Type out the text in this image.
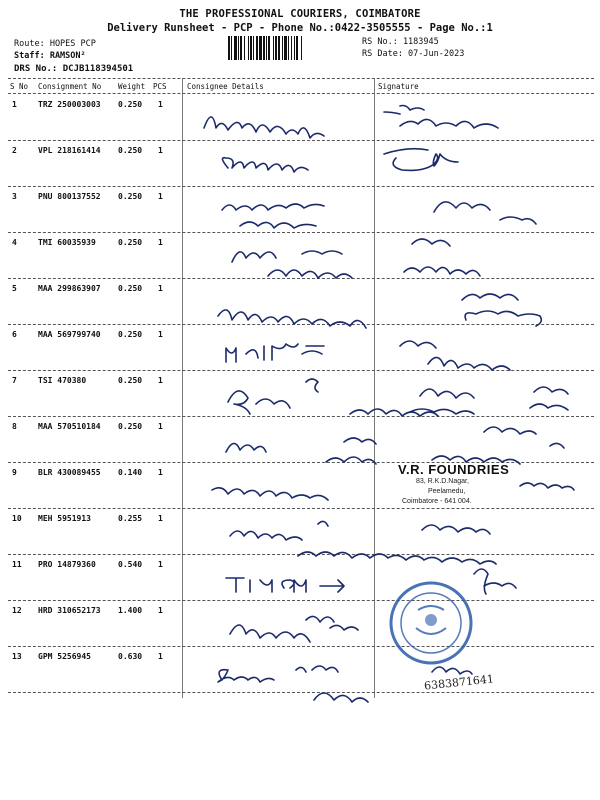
THE PROFESSIONAL COURIERS, COIMBATORE
Delivery Runsheet - PCP - Phone No.:0422-3505555 - Page No.:1
Route: HOPES PCP
Staff: RAMSON²
DRS No.: DCJB118394501
RS No.: 1183945
RS Date: 07-Jun-2023
S No Consignment No Weight PCS	Consignee Details	Signature
1	TRZ 250003003 0.250 1
2	VPL 218161414 0.250 1
3	PNU 800137552 0.250 1
4	TMI 60035939	0.250 1
5	MAA 299863907 0.250 1
6	MAA 569799740 0.250 1
7	TSI 470380	0.250 1
8	MAA 570510184 0.250 1
9	BLR 430089455 0.140 1
10 MEH 5951913	0.255 1
11 PRO 14879360	0.540 1
12 HRD 310652173 1.400 1
13 GPM 5256945	0.630 1
V.R. FOUNDRIES
83, R.K.D.Nagar,
Peelamedu,
Coimbatore - 641 004.
6383871641
